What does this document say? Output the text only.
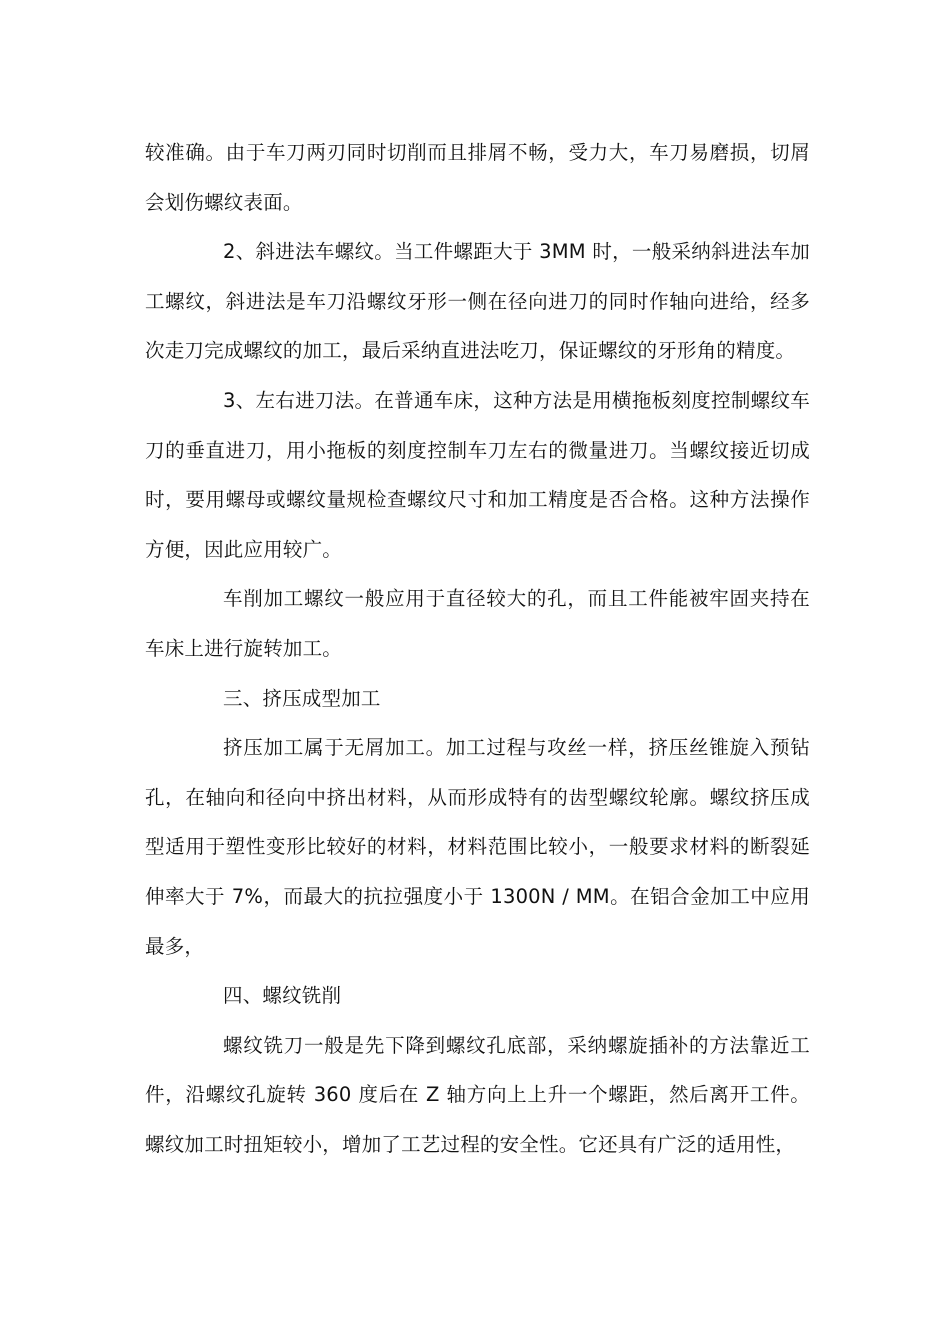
较准确。由于车刀两刃同时切削而且排屑不畅，受力大，车刀易磨损，切屑会划伤螺纹表面。

2、斜进法车螺纹。当工件螺距大于 3MM 时，一般采纳斜进法车加工螺纹，斜进法是车刀沿螺纹牙形一侧在径向进刀的同时作轴向进给，经多次走刀完成螺纹的加工，最后采纳直进法吃刀，保证螺纹的牙形角的精度。

3、左右进刀法。在普通车床，这种方法是用横拖板刻度控制螺纹车刀的垂直进刀，用小拖板的刻度控制车刀左右的微量进刀。当螺纹接近切成时，要用螺母或螺纹量规检查螺纹尺寸和加工精度是否合格。这种方法操作方便，因此应用较广。

车削加工螺纹一般应用于直径较大的孔，而且工件能被牢固夹持在车床上进行旋转加工。

三、挤压成型加工

挤压加工属于无屑加工。加工过程与攻丝一样，挤压丝锥旋入预钻孔，在轴向和径向中挤出材料，从而形成特有的齿型螺纹轮廓。螺纹挤压成型适用于塑性变形比较好的材料，材料范围比较小，一般要求材料的断裂延伸率大于 7%，而最大的抗拉强度小于 1300N / MM。在铝合金加工中应用最多，

四、螺纹铣削

螺纹铣刀一般是先下降到螺纹孔底部，采纳螺旋插补的方法靠近工件，沿螺纹孔旋转 360 度后在 Z 轴方向上上升一个螺距，然后离开工件。螺纹加工时扭矩较小，增加了工艺过程的安全性。它还具有广泛的适用性，
